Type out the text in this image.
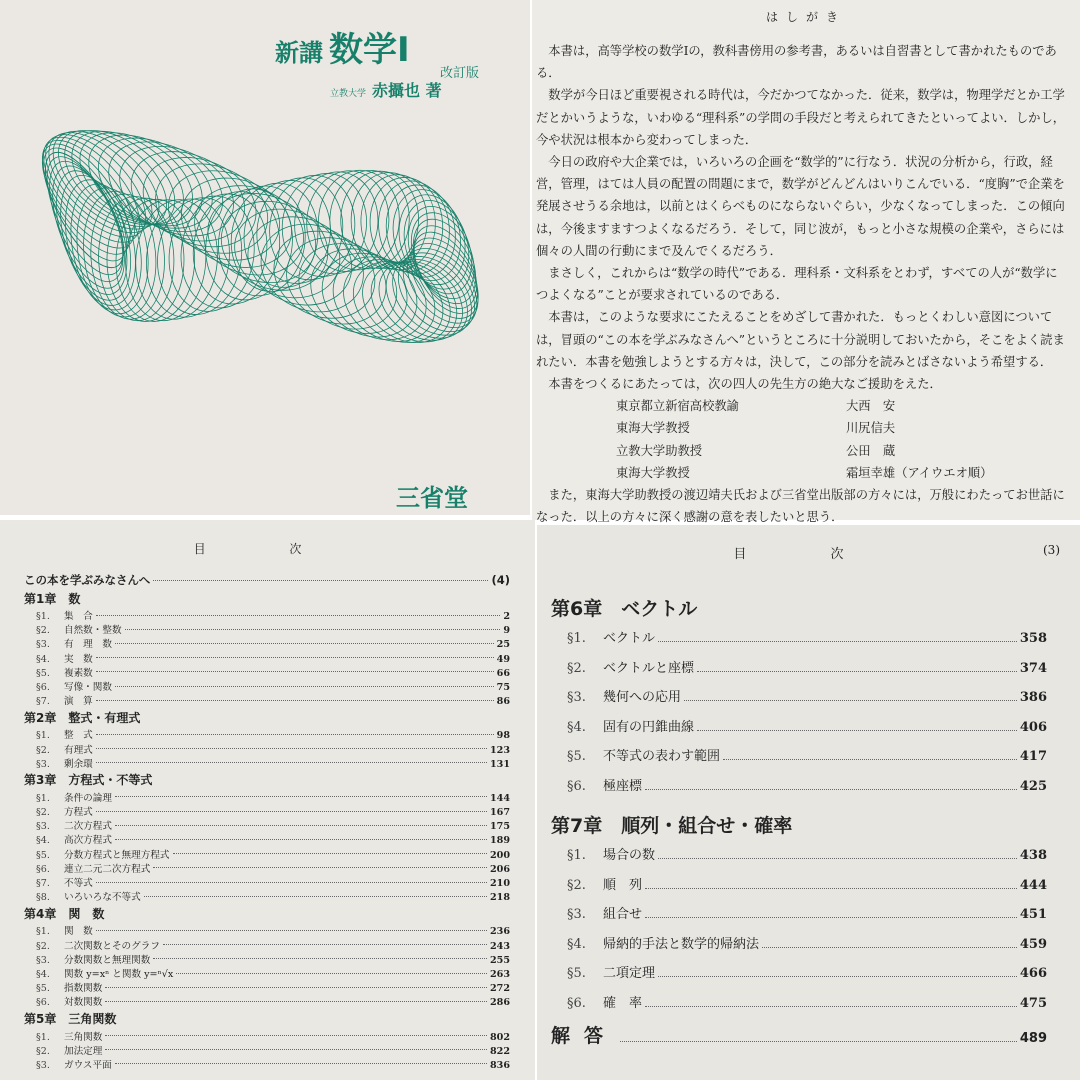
新講 数学I
改訂版
立教大学 赤攝也 著
三省堂
はしがき

本書は，高等学校の数学Iの，教科書傍用の参考書，あるいは自習書として書かれたものである．

数学が今日ほど重要視される時代は，今だかつてなかった．従来，数学は，物理学だとか工学だとかいうような，いわゆる“理科系”の学問の手段だと考えられてきたといってよい．しかし，今や状況は根本から変わってしまった．

今日の政府や大企業では，いろいろの企画を“数学的”に行なう．状況の分析から，行政，経営，管理，はては人員の配置の問題にまで，数学がどんどんはいりこんでいる．“度胸”で企業を発展させうる余地は，以前とはくらべものにならないぐらい，少なくなってしまった．この傾向は，今後ますますつよくなるだろう．そして，同じ波が，もっと小さな規模の企業や，さらには個々の人間の行動にまで及んでくるだろう．

まさしく，これからは“数学の時代”である．理科系・文科系をとわず，すべての人が“数学につよくなる”ことが要求されているのである．

本書は，このような要求にこたえることをめざして書かれた．もっとくわしい意図については，冒頭の“この本を学ぶみなさんへ”というところに十分説明しておいたから，そこをよく読まれたい．本書を勉強しようとする方々は，決して，この部分を読みとばさないよう希望する．

本書をつくるにあたっては，次の四人の先生方の絶大なご援助をえた．

東京都立新宿高校教諭	大西　安
東海大学教授	川尻信夫
立教大学助教授	公田　蔵
東海大学教授	霜垣幸雄（アイウエオ順）

また，東海大学助教授の渡辺靖夫氏および三省堂出版部の方々には，万般にわたってお世話になった．以上の方々に深く感謝の意を表したいと思う．

目 次
この本を学ぶみなさんへ	(4)
第1章　数
§1.	集　合	2
§2.	自然数・整数	9
§3.	有　理　数	25
§4.	実　数	49
§5.	複素数	66
§6.	写像・関数	75
§7.	演　算	86
第2章　整式・有理式
§1.	整　式	98
§2.	有理式	123
§3.	剰余環	131
第3章　方程式・不等式
§1.	条件の論理	144
§2.	方程式	167
§3.	二次方程式	175
§4.	高次方程式	189
§5.	分数方程式と無理方程式	200
§6.	連立二元二次方程式	206
§7.	不等式	210
§8.	いろいろな不等式	218
第4章　関　数
§1.	関　数	236
§2.	二次関数とそのグラフ	243
§3.	分数関数と無理関数	255
§4.	関数 y=xⁿ と関数 y=ⁿ√x	263
§5.	指数関数	272
§6.	対数関数	286
第5章　三角関数
§1.	三角関数	802
§2.	加法定理	822
§3.	ガウス平面	836
目 次	(3)
第6章　ベクトル
§1.	ベクトル	358
§2.	ベクトルと座標	374
§3.	幾何への応用	386
§4.	固有の円錐曲線	406
§5.	不等式の表わす範囲	417
§6.	極座標	425
第7章　順列・組合せ・確率
§1.	場合の数	438
§2.	順　列	444
§3.	組合せ	451
§4.	帰納的手法と数学的帰納法	459
§5.	二項定理	466
§6.	確　率	475
解答	489
